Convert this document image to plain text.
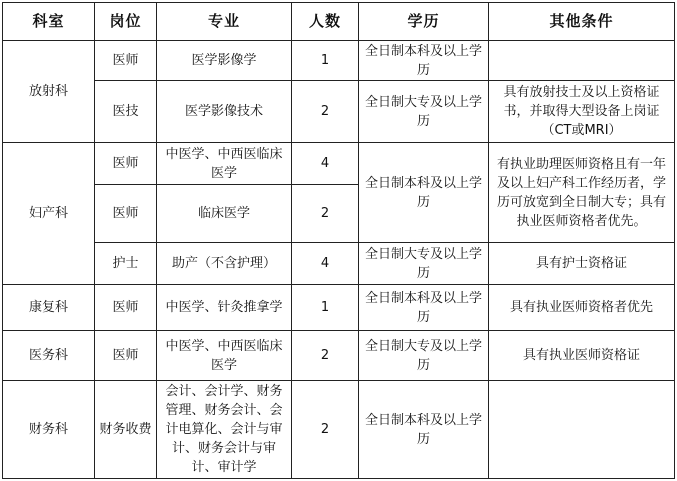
科室	岗位	专业	人数	学历	其他条件
放射科	医师	医学影像学	1	全日制本科及以上学历	
	医技	医学影像技术	2	全日制大专及以上学历	具有放射技士及以上资格证书，并取得大型设备上岗证（CT或MRI）
妇产科	医师	中医学、中西医临床医学	4	全日制本科及以上学历	有执业助理医师资格且有一年及以上妇产科工作经历者，学历可放宽到全日制大专；具有执业医师资格者优先。
	医师	临床医学	2		
	护士	助产（不含护理）	4	全日制大专及以上学历	具有护士资格证
康复科	医师	中医学、针灸推拿学	1	全日制本科及以上学历	具有执业医师资格者优先
医务科	医师	中医学、中西医临床医学	2	全日制大专及以上学历	具有执业医师资格证
财务科	财务收费	会计、会计学、财务管理、财务会计、会计电算化、会计与审计、财务会计与审计、审计学	2	全日制本科及以上学历	
